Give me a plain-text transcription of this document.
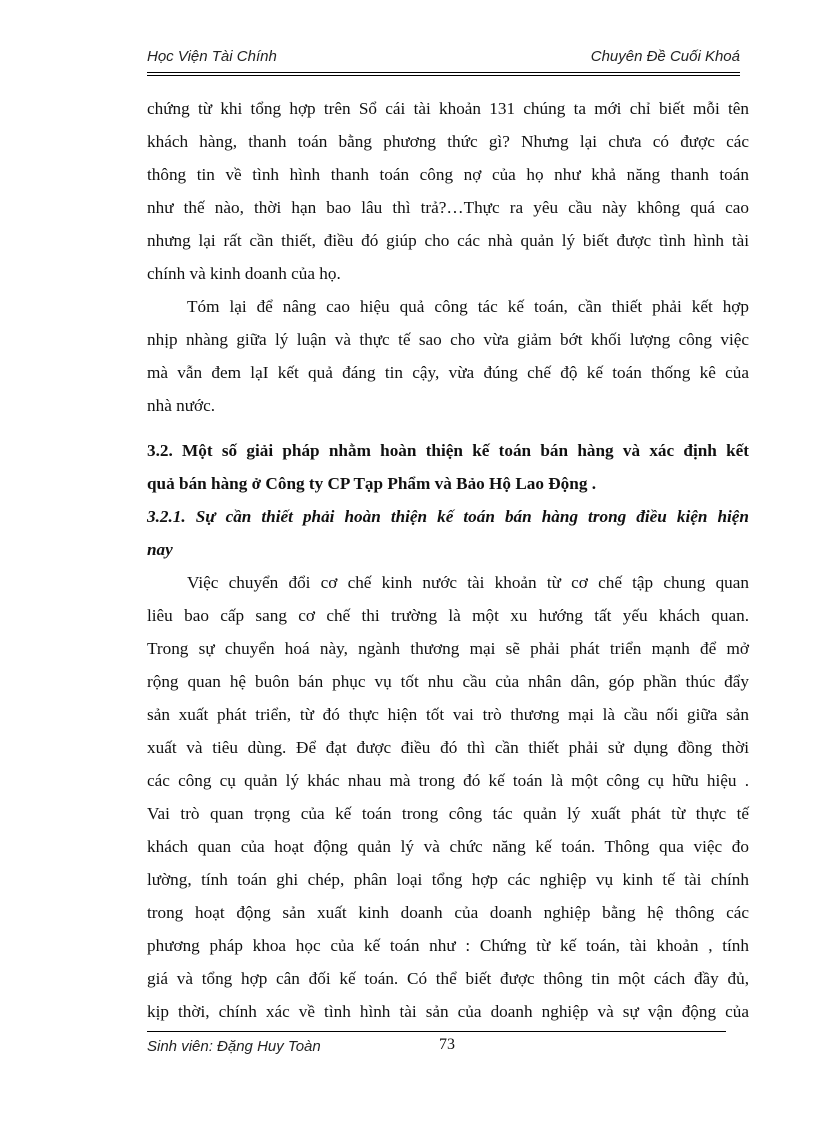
Học Viện Tài Chính	Chuyên Đề Cuối Khoá
chứng từ khi tổng hợp trên Sổ cái tài khoản 131 chúng ta mới chỉ biết mỗi tên
khách hàng, thanh toán bằng phương thức gì? Nhưng lại chưa có được các
thông tin về tình hình thanh toán công nợ của họ như khả năng thanh toán
như thế nào, thời hạn bao lâu thì trả?…Thực ra yêu cầu này không quá cao
nhưng lại rất cần thiết, điều đó giúp cho các nhà quản lý biết được tình hình tài
chính và kinh doanh của họ.
Tóm lại để nâng cao hiệu quả công tác kế toán, cần thiết phải kết hợp
nhịp nhàng giữa lý luận và thực tế sao cho vừa giảm bớt khối lượng công việc
mà vẫn đem lạI kết quả đáng tin cậy, vừa đúng chế độ kế toán thống kê của
nhà nước.
3.2. Một số giải pháp nhằm hoàn thiện kế toán bán hàng và xác định kết
quả bán hàng ở Công ty CP Tạp Phẩm và Bảo Hộ Lao Động .
3.2.1. Sự cần thiết phải hoàn thiện kế toán bán hàng trong điều kiện hiện
nay
Việc chuyển đổi cơ chế kinh nước tài khoản từ cơ chế tập chung quan
liêu bao cấp sang cơ chế thi trường là một xu hướng tất yếu khách quan.
Trong sự chuyển hoá này, ngành thương mại sẽ phải phát triển mạnh để mở
rộng quan hệ buôn bán phục vụ tốt nhu cầu của nhân dân, góp phần thúc đẩy
sản xuất phát triển, từ đó thực hiện tốt vai trò thương mại là cầu nối giữa sản
xuất và tiêu dùng. Để đạt được điều đó thì cần thiết phải sử dụng đồng thời
các công cụ quản lý khác nhau mà trong đó kế toán là một công cụ hữu hiệu .
Vai trò quan trọng của kế toán trong công tác quản lý xuất phát từ thực tế
khách quan của hoạt động quản lý và chức năng kế toán. Thông qua việc đo
lường, tính toán ghi chép, phân loại tổng hợp các nghiệp vụ kinh tế tài chính
trong hoạt động sản xuất kinh doanh của doanh nghiệp bằng hệ thông các
phương pháp khoa học của kế toán như : Chứng từ kế toán, tài khoản , tính
giá và tổng hợp cân đối kế toán. Có thể biết được thông tin một cách đầy đủ,
kịp thời, chính xác về tình hình tài sản của doanh nghiệp và sự vận động của
Sinh viên: Đặng Huy Toàn	73
